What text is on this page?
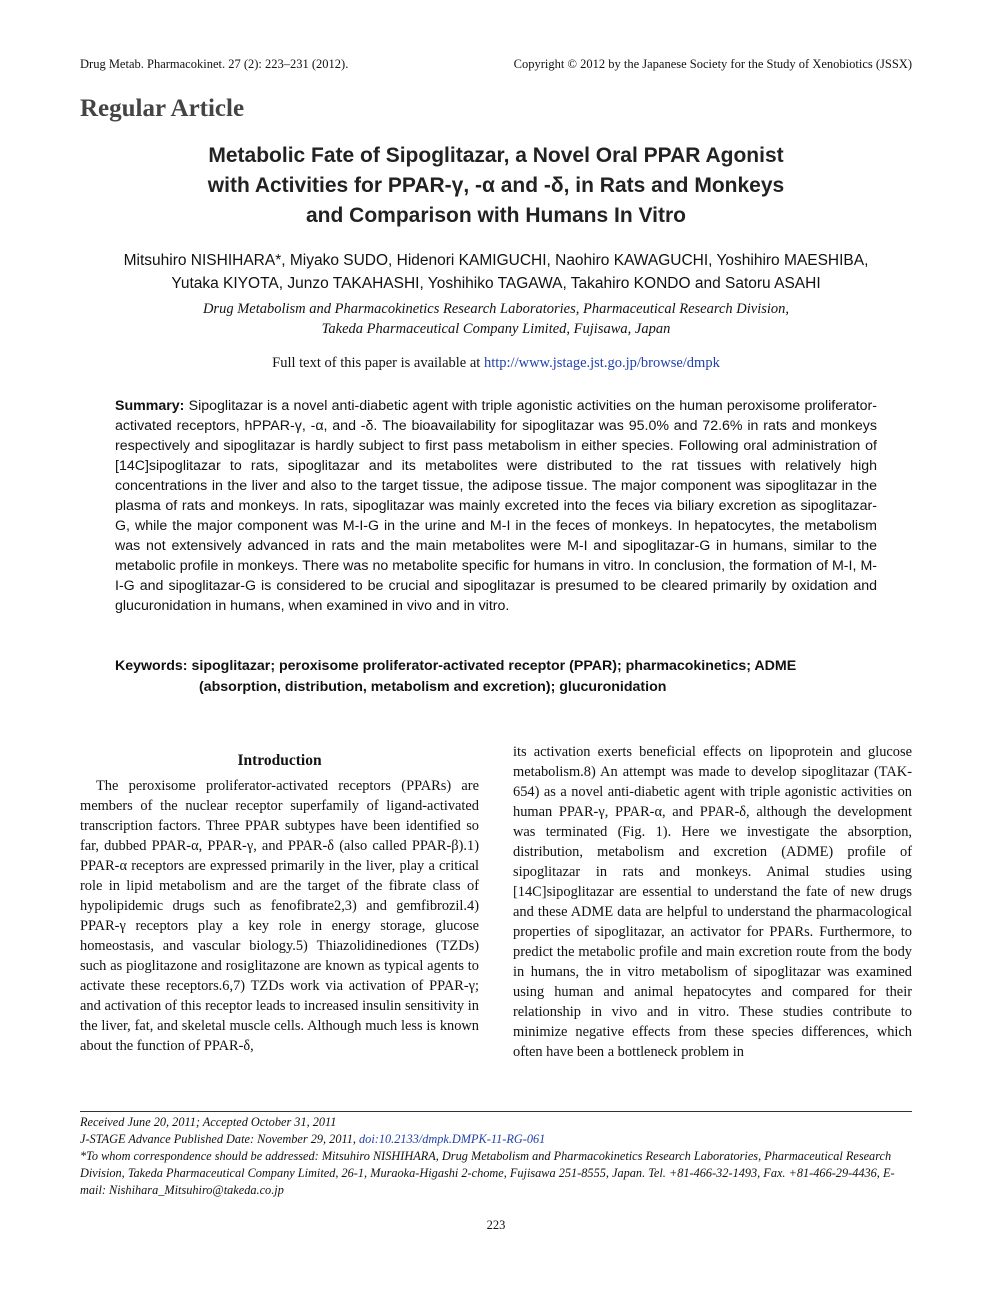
Drug Metab. Pharmacokinet. 27 (2): 223–231 (2012).	Copyright © 2012 by the Japanese Society for the Study of Xenobiotics (JSSX)
Regular Article
Metabolic Fate of Sipoglitazar, a Novel Oral PPAR Agonist
with Activities for PPAR-γ, -α and -δ, in Rats and Monkeys
and Comparison with Humans In Vitro
Mitsuhiro NISHIHARA*, Miyako SUDO, Hidenori KAMIGUCHI, Naohiro KAWAGUCHI, Yoshihiro MAESHIBA,
Yutaka KIYOTA, Junzo TAKAHASHI, Yoshihiko TAGAWA, Takahiro KONDO and Satoru ASAHI
Drug Metabolism and Pharmacokinetics Research Laboratories, Pharmaceutical Research Division,
Takeda Pharmaceutical Company Limited, Fujisawa, Japan
Full text of this paper is available at http://www.jstage.jst.go.jp/browse/dmpk
Summary: Sipoglitazar is a novel anti-diabetic agent with triple agonistic activities on the human peroxisome proliferator-activated receptors, hPPAR-γ, -α, and -δ. The bioavailability for sipoglitazar was 95.0% and 72.6% in rats and monkeys respectively and sipoglitazar is hardly subject to first pass metabolism in either species. Following oral administration of [14C]sipoglitazar to rats, sipoglitazar and its metabolites were distributed to the rat tissues with relatively high concentrations in the liver and also to the target tissue, the adipose tissue. The major component was sipoglitazar in the plasma of rats and monkeys. In rats, sipoglitazar was mainly excreted into the feces via biliary excretion as sipoglitazar-G, while the major component was M-I-G in the urine and M-I in the feces of monkeys. In hepatocytes, the metabolism was not extensively advanced in rats and the main metabolites were M-I and sipoglitazar-G in humans, similar to the metabolic profile in monkeys. There was no metabolite specific for humans in vitro. In conclusion, the formation of M-I, M-I-G and sipoglitazar-G is considered to be crucial and sipoglitazar is presumed to be cleared primarily by oxidation and glucuronidation in humans, when examined in vivo and in vitro.
Keywords: sipoglitazar; peroxisome proliferator-activated receptor (PPAR); pharmacokinetics; ADME
(absorption, distribution, metabolism and excretion); glucuronidation
Introduction

The peroxisome proliferator-activated receptors (PPARs) are members of the nuclear receptor superfamily of ligand-activated transcription factors. Three PPAR subtypes have been identified so far, dubbed PPAR-α, PPAR-γ, and PPAR-δ (also called PPAR-β).1) PPAR-α receptors are expressed primarily in the liver, play a critical role in lipid metabolism and are the target of the fibrate class of hypolipidemic drugs such as fenofibrate2,3) and gemfibrozil.4) PPAR-γ receptors play a key role in energy storage, glucose homeostasis, and vascular biology.5) Thiazolidinediones (TZDs) such as pioglitazone and rosiglitazone are known as typical agents to activate these receptors.6,7) TZDs work via activation of PPAR-γ; and activation of this receptor leads to increased insulin sensitivity in the liver, fat, and skeletal muscle cells. Although much less is known about the function of PPAR-δ,

its activation exerts beneficial effects on lipoprotein and glucose metabolism.8) An attempt was made to develop sipoglitazar (TAK-654) as a novel anti-diabetic agent with triple agonistic activities on human PPAR-γ, PPAR-α, and PPAR-δ, although the development was terminated (Fig. 1). Here we investigate the absorption, distribution, metabolism and excretion (ADME) profile of sipoglitazar in rats and monkeys. Animal studies using [14C]sipoglitazar are essential to understand the fate of new drugs and these ADME data are helpful to understand the pharmacological properties of sipoglitazar, an activator for PPARs. Furthermore, to predict the metabolic profile and main excretion route from the body in humans, the in vitro metabolism of sipoglitazar was examined using human and animal hepatocytes and compared for their relationship in vivo and in vitro. These studies contribute to minimize negative effects from these species differences, which often have been a bottleneck problem in

Received June 20, 2011; Accepted October 31, 2011
J-STAGE Advance Published Date: November 29, 2011, doi:10.2133/dmpk.DMPK-11-RG-061
*To whom correspondence should be addressed: Mitsuhiro NISHIHARA, Drug Metabolism and Pharmacokinetics Research Laboratories, Pharmaceutical Research Division, Takeda Pharmaceutical Company Limited, 26-1, Muraoka-Higashi 2-chome, Fujisawa 251-8555, Japan. Tel. +81-466-32-1493, Fax. +81-466-29-4436, E-mail: Nishihara_Mitsuhiro@takeda.co.jp
223
